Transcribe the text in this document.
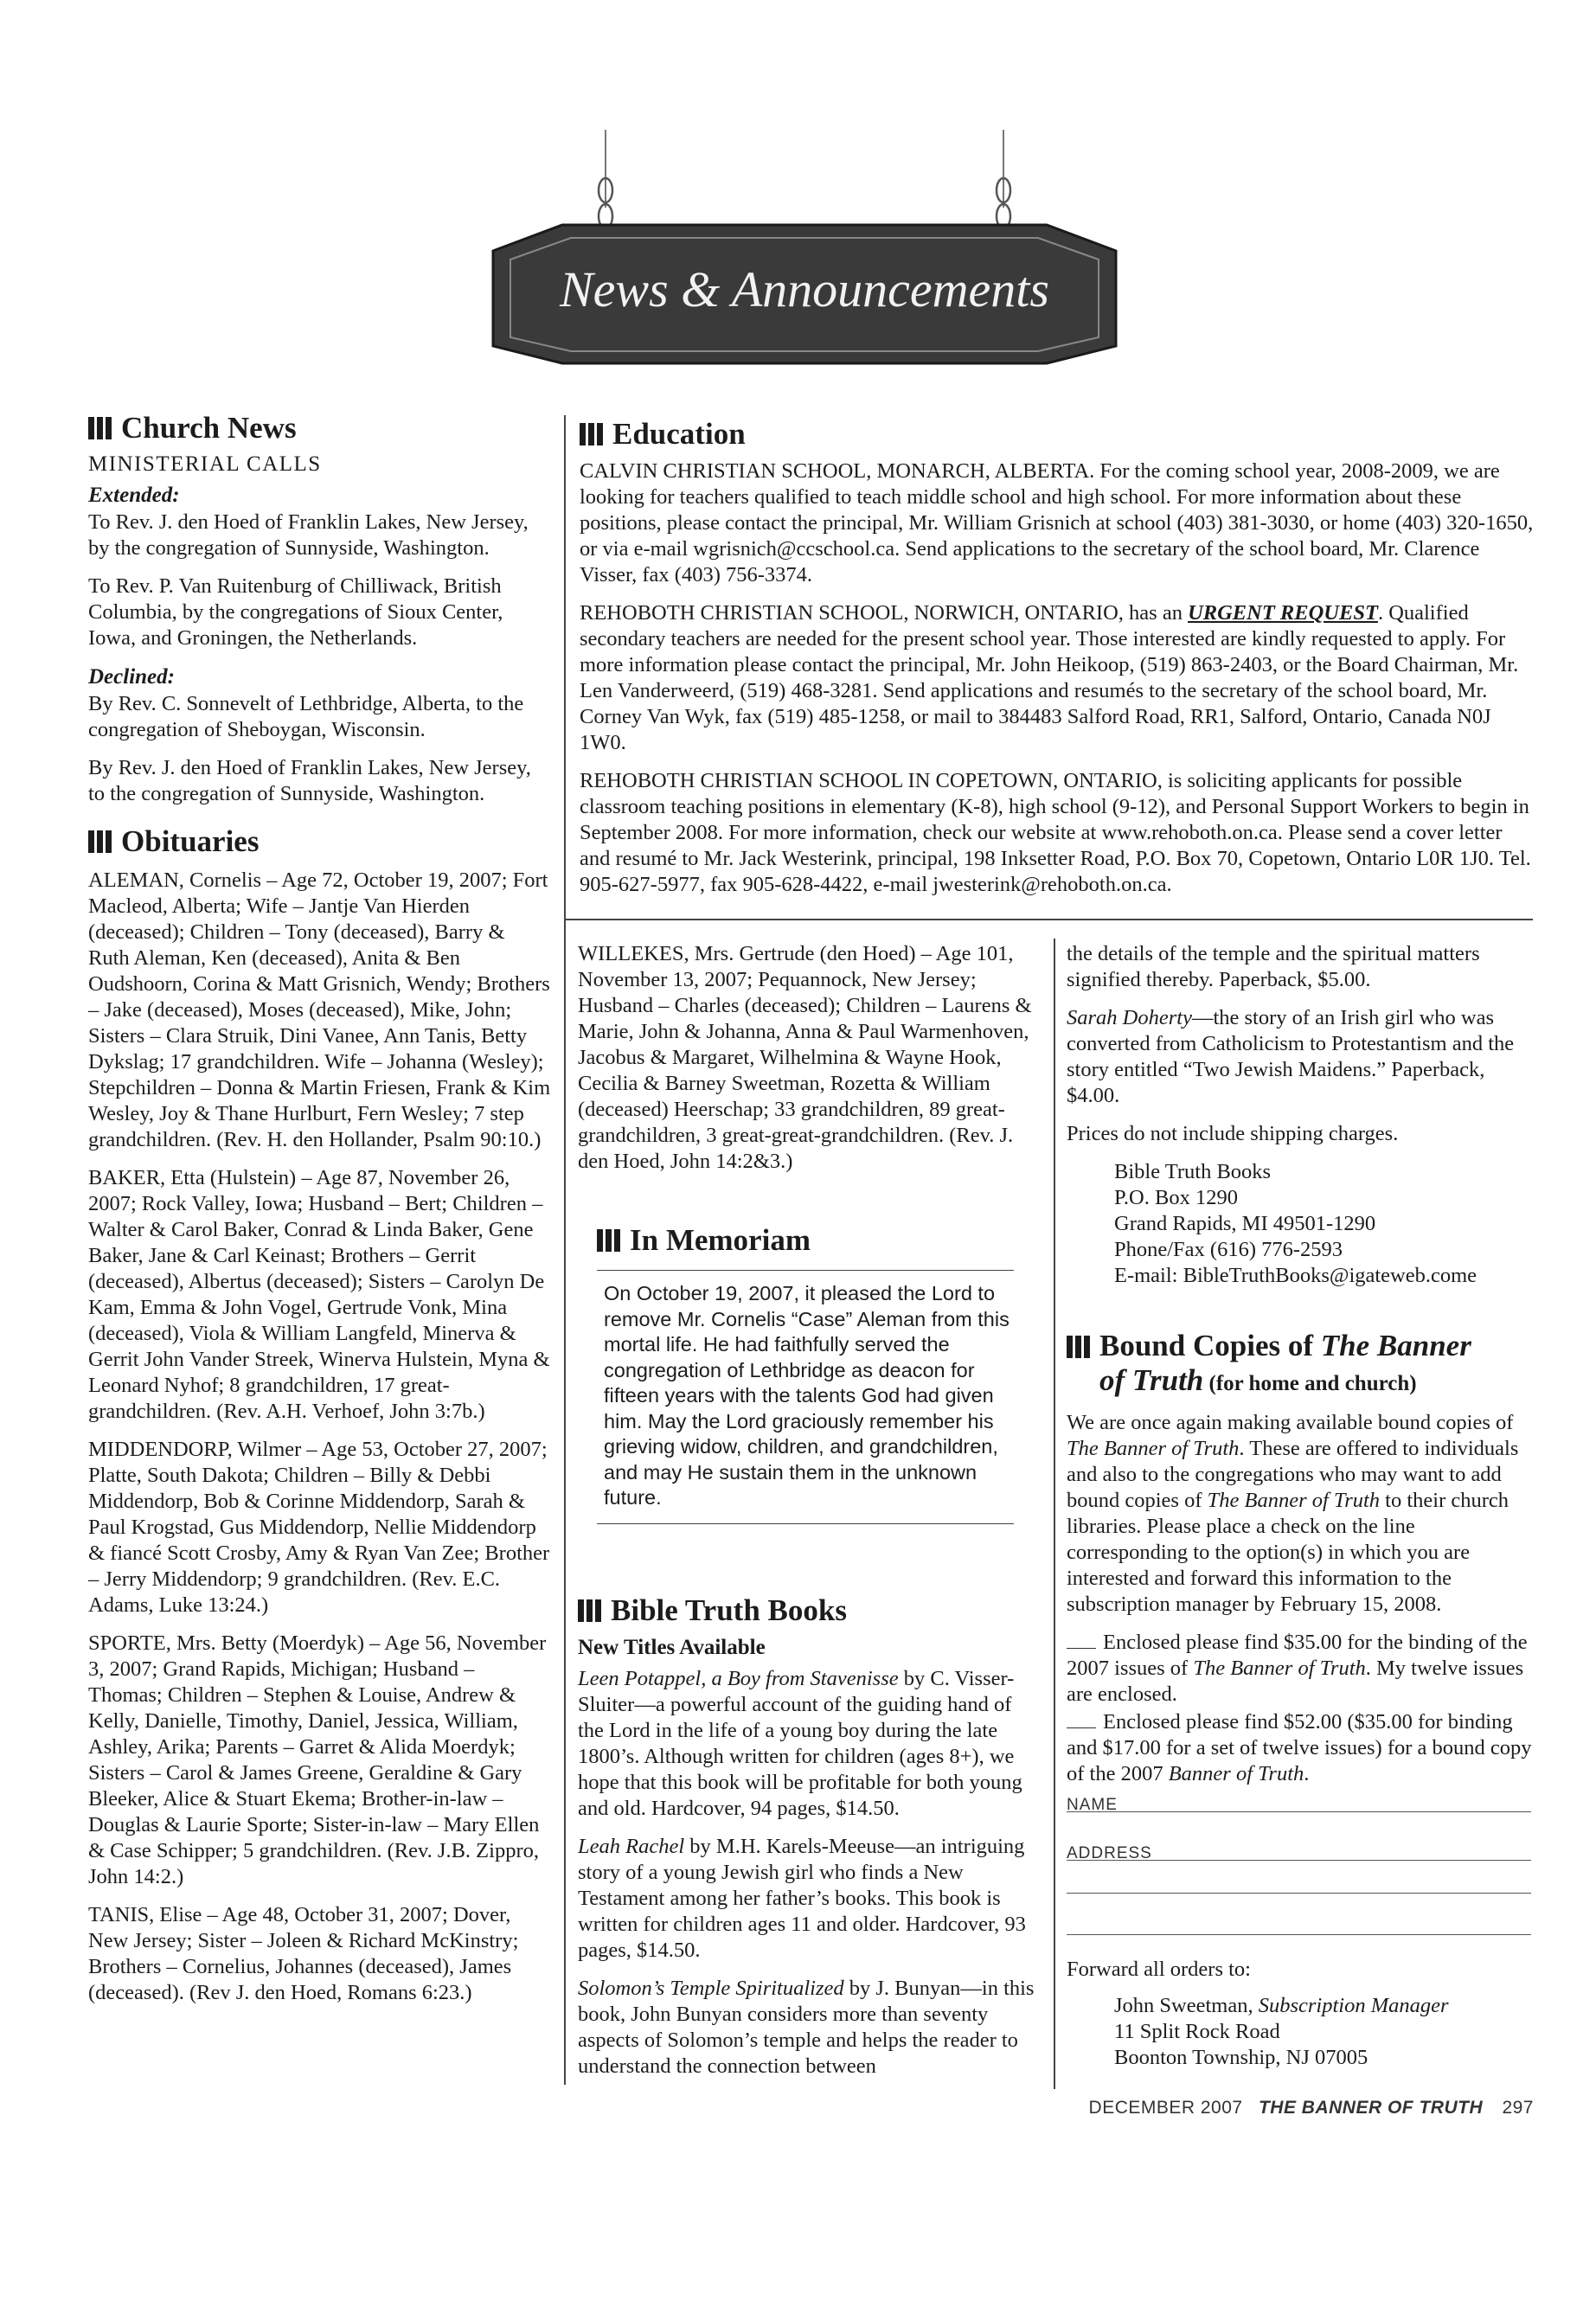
News & Announcements
Church News
MINISTERIAL CALLS
Extended:

To Rev. J. den Hoed of Franklin Lakes, New Jersey, by the congregation of Sunnyside, Washington.

To Rev. P. Van Ruitenburg of Chilliwack, British Columbia, by the congregations of Sioux Center, Iowa, and Groningen, the Netherlands.

Declined:

By Rev. C. Sonnevelt of Lethbridge, Alberta, to the congregation of Sheboygan, Wisconsin.

By Rev. J. den Hoed of Franklin Lakes, New Jersey, to the congregation of Sunnyside, Washington.

Obituaries

ALEMAN, Cornelis – Age 72, October 19, 2007; Fort Macleod, Alberta; Wife – Jantje Van Hierden (deceased); Children – Tony (deceased), Barry & Ruth Aleman, Ken (deceased), Anita & Ben Oudshoorn, Corina & Matt Grisnich, Wendy; Brothers – Jake (deceased), Moses (deceased), Mike, John; Sisters – Clara Struik, Dini Vanee, Ann Tanis, Betty Dykslag; 17 grandchildren. Wife – Johanna (Wesley); Stepchildren – Donna & Martin Friesen, Frank & Kim Wesley, Joy & Thane Hurlburt, Fern Wesley; 7 step grandchildren. (Rev. H. den Hollander, Psalm 90:10.)

BAKER, Etta (Hulstein) – Age 87, November 26, 2007; Rock Valley, Iowa; Husband – Bert; Children – Walter & Carol Baker, Conrad & Linda Baker, Gene Baker, Jane & Carl Keinast; Brothers – Gerrit (deceased), Albertus (deceased); Sisters – Carolyn De Kam, Emma & John Vogel, Gertrude Vonk, Mina (deceased), Viola & William Langfeld, Minerva & Gerrit John Vander Streek, Winerva Hulstein, Myna & Leonard Nyhof; 8 grandchildren, 17 great-grandchildren. (Rev. A.H. Verhoef, John 3:7b.)

MIDDENDORP, Wilmer – Age 53, October 27, 2007; Platte, South Dakota; Children – Billy & Debbi Middendorp, Bob & Corinne Middendorp, Sarah & Paul Krogstad, Gus Middendorp, Nellie Middendorp & fiancé Scott Crosby, Amy & Ryan Van Zee; Brother – Jerry Middendorp; 9 grandchildren. (Rev. E.C. Adams, Luke 13:24.)

SPORTE, Mrs. Betty (Moerdyk) – Age 56, November 3, 2007; Grand Rapids, Michigan; Husband – Thomas; Children – Stephen & Louise, Andrew & Kelly, Danielle, Timothy, Daniel, Jessica, William, Ashley, Arika; Parents – Garret & Alida Moerdyk; Sisters – Carol & James Greene, Geraldine & Gary Bleeker, Alice & Stuart Ekema; Brother-in-law – Douglas & Laurie Sporte; Sister-in-law – Mary Ellen & Case Schipper; 5 grandchildren. (Rev. J.B. Zippro, John 14:2.)

TANIS, Elise – Age 48, October 31, 2007; Dover, New Jersey; Sister – Joleen & Richard McKinstry; Brothers – Cornelius, Johannes (deceased), James (deceased). (Rev J. den Hoed, Romans 6:23.)

Education

CALVIN CHRISTIAN SCHOOL, MONARCH, ALBERTA. For the coming school year, 2008-2009, we are looking for teachers qualified to teach middle school and high school. For more information about these positions, please contact the principal, Mr. William Grisnich at school (403) 381-3030, or home (403) 320-1650, or via e-mail wgrisnich@ccschool.ca. Send applications to the secretary of the school board, Mr. Clarence Visser, fax (403) 756-3374.

REHOBOTH CHRISTIAN SCHOOL, NORWICH, ONTARIO, has an URGENT REQUEST. Qualified secondary teachers are needed for the present school year. Those interested are kindly requested to apply. For more information please contact the principal, Mr. John Heikoop, (519) 863-2403, or the Board Chairman, Mr. Len Vanderweerd, (519) 468-3281. Send applications and resumés to the secretary of the school board, Mr. Corney Van Wyk, fax (519) 485-1258, or mail to 384483 Salford Road, RR1, Salford, Ontario, Canada N0J 1W0.

REHOBOTH CHRISTIAN SCHOOL IN COPETOWN, ONTARIO, is soliciting applicants for possible classroom teaching positions in elementary (K-8), high school (9-12), and Personal Support Workers to begin in September 2008. For more information, check our website at www.rehoboth.on.ca. Please send a cover letter and resumé to Mr. Jack Westerink, principal, 198 Inksetter Road, P.O. Box 70, Copetown, Ontario L0R 1J0. Tel. 905-627-5977, fax 905-628-4422, e-mail jwesterink@rehoboth.on.ca.

WILLEKES, Mrs. Gertrude (den Hoed) – Age 101, November 13, 2007; Pequannock, New Jersey; Husband – Charles (deceased); Children – Laurens & Marie, John & Johanna, Anna & Paul Warmenhoven, Jacobus & Margaret, Wilhelmina & Wayne Hook, Cecilia & Barney Sweetman, Rozetta & William (deceased) Heerschap; 33 grandchildren, 89 great-grandchildren, 3 great-great-grandchildren. (Rev. J. den Hoed, John 14:2&3.)

In Memoriam
On October 19, 2007, it pleased the Lord to remove Mr. Cornelis “Case” Aleman from this mortal life. He had faithfully served the congregation of Lethbridge as deacon for fifteen years with the talents God had given him. May the Lord graciously remember his grieving widow, children, and grandchildren, and may He sustain them in the unknown future.
Bible Truth Books
New Titles Available

Leen Potappel, a Boy from Stavenisse by C. Visser-Sluiter—a powerful account of the guiding hand of the Lord in the life of a young boy during the late 1800’s. Although written for children (ages 8+), we hope that this book will be profitable for both young and old. Hardcover, 94 pages, $14.50.

Leah Rachel by M.H. Karels-Meeuse—an intriguing story of a young Jewish girl who finds a New Testament among her father’s books. This book is written for children ages 11 and older. Hardcover, 93 pages, $14.50.

Solomon’s Temple Spiritualized by J. Bunyan—in this book, John Bunyan considers more than seventy aspects of Solomon’s temple and helps the reader to understand the connection between

the details of the temple and the spiritual matters signified thereby. Paperback, $5.00.

Sarah Doherty—the story of an Irish girl who was converted from Catholicism to Protestantism and the story entitled “Two Jewish Maidens.” Paperback, $4.00.

Prices do not include shipping charges.

Bible Truth Books
P.O. Box 1290
Grand Rapids, MI 49501-1290
Phone/Fax (616) 776-2593
E-mail: BibleTruthBooks@igateweb.come
Bound Copies of The Banner
of Truth (for home and church)

We are once again making available bound copies of The Banner of Truth. These are offered to individuals and also to the congregations who may want to add bound copies of The Banner of Truth to their church libraries. Please place a check on the line corresponding to the option(s) in which you are interested and forward this information to the subscription manager by February 15, 2008.

Enclosed please find $35.00 for the binding of the 2007 issues of The Banner of Truth. My twelve issues are enclosed.

Enclosed please find $52.00 ($35.00 for binding and $17.00 for a set of twelve issues) for a bound copy of the 2007 Banner of Truth.

NAME
ADDRESS
Forward all orders to:
John Sweetman, Subscription Manager
11 Split Rock Road
Boonton Township, NJ 07005
DECEMBER 2007 THE BANNER OF TRUTH 297
